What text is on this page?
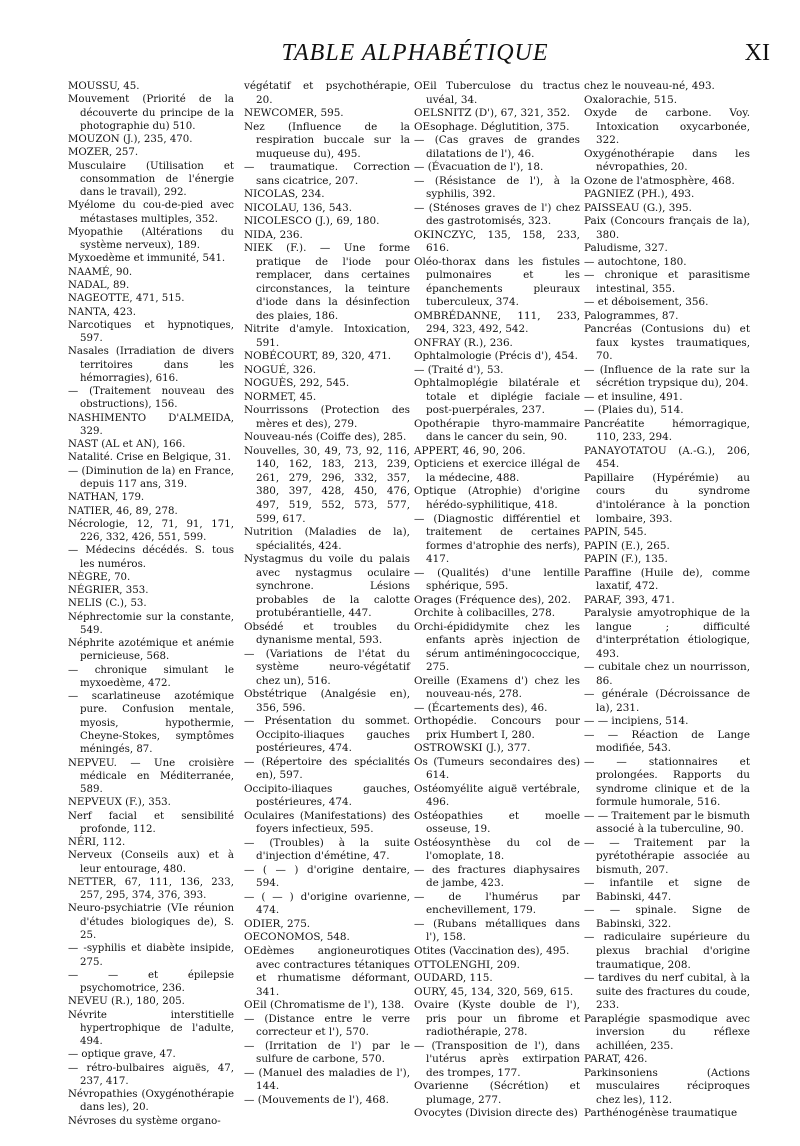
TABLE ALPHABÉTIQUE	XI
MOUSSU, 45.
Mouvement (Priorité de la découverte du principe de la photographie du) 510.
MOUZON (J.), 235, 470.
MOZER, 257.
Musculaire (Utilisation et consommation de l'énergie dans le travail), 292.
Myélome du cou-de-pied avec métastases multiples, 352.
Myopathie (Altérations du système nerveux), 189.
Myxoedème et immunité, 541.
NAAMÉ, 90.
NADAL, 89.
NAGEOTTE, 471, 515.
NANTA, 423.
Narcotiques et hypnotiques, 597.
Nasales (Irradiation de divers territoires dans les hémorragies), 616.
— (Traitement nouveau des obstructions), 156.
NASHIMENTO D'ALMEIDA, 329.
NAST (AL et AN), 166.
Natalité. Crise en Belgique, 31.
— (Diminution de la) en France, depuis 117 ans, 319.
NATHAN, 179.
NATIER, 46, 89, 278.
Nécrologie, 12, 71, 91, 171, 226, 332, 426, 551, 599.
— Médecins décédés. S. tous les numéros.
NÈGRE, 70.
NÉGRIER, 353.
NELIS (C.), 53.
Néphrectomie sur la constante, 549.
Néphrite azotémique et anémie pernicieuse, 568.
— chronique simulant le myxoedème, 472.
— scarlatineuse azotémique pure. Confusion mentale, myosis, hypothermie, Cheyne-Stokes, symptômes méningés, 87.
NEPVEU. — Une croisière médicale en Méditerranée, 589.
NEPVEUX (F.), 353.
Nerf facial et sensibilité profonde, 112.
NÉRI, 112.
Nerveux (Conseils aux) et à leur entourage, 480.
NETTER, 67, 111, 136, 233, 257, 295, 374, 376, 393.
Neuro-psychiatrie (VIe réunion d'études biologiques de), S. 25.
— -syphilis et diabète insipide, 275.
— — et épilepsie psychomotrice, 236.
NEVEU (R.), 180, 205.
Névrite interstitielle hypertrophique de l'adulte, 494.
— optique grave, 47.
— rétro-bulbaires aiguës, 47, 237, 417.
Névropathies (Oxygénothérapie dans les), 20.
Névroses du système organo-
végétatif et psychothérapie, 20.
NEWCOMER, 595.
Nez (Influence de la respiration buccale sur la muqueuse du), 495.
— traumatique. Correction sans cicatrice, 207.
NICOLAS, 234.
NICOLAU, 136, 543.
NICOLESCO (J.), 69, 180.
NIDA, 236.
NIEK (F.). — Une forme pratique de l'iode pour remplacer, dans certaines circonstances, la teinture d'iode dans la désinfection des plaies, 186.
Nitrite d'amyle. Intoxication, 591.
NOBÉCOURT, 89, 320, 471.
NOGUÉ, 326.
NOGUÈS, 292, 545.
NORMET, 45.
Nourrissons (Protection des mères et des), 279.
Nouveau-nés (Coiffe des), 285.
Nouvelles, 30, 49, 73, 92, 116, 140, 162, 183, 213, 239, 261, 279, 296, 332, 357, 380, 397, 428, 450, 476, 497, 519, 552, 573, 577, 599, 617.
Nutrition (Maladies de la), spécialités, 424.
Nystagmus du voile du palais avec nystagmus oculaire synchrone. Lésions probables de la calotte protubérantielle, 447.
Obsédé et troubles du dynanisme mental, 593.
— (Variations de l'état du système neuro-végétatif chez un), 516.
Obstétrique (Analgésie en), 356, 596.
— Présentation du sommet. Occipito-iliaques gauches postérieures, 474.
— (Répertoire des spécialités en), 597.
Occipito-iliaques gauches, postérieures, 474.
Oculaires (Manifestations) des foyers infectieux, 595.
— (Troubles) à la suite d'injection d'émétine, 47.
— ( — ) d'origine dentaire, 594.
— ( — ) d'origine ovarienne, 474.
ODIER, 275.
OECONOMOS, 548.
OEdèmes angioneurotiques avec contractures tétaniques et rhumatisme déformant, 341.
OEil (Chromatisme de l'), 138.
— (Distance entre le verre correcteur et l'), 570.
— (Irritation de l') par le sulfure de carbone, 570.
— (Manuel des maladies de l'), 144.
— (Mouvements de l'), 468.
OEil Tuberculose du tractus uvéal, 34.
OELSNITZ (D'), 67, 321, 352.
OEsophage. Déglutition, 375.
— (Cas graves de grandes dilatations de l'), 46.
— (Évacuation de l'), 18.
— (Résistance de l'), à la syphilis, 392.
— (Sténoses graves de l') chez des gastrotomisés, 323.
OKINCZYC, 135, 158, 233, 616.
Oléo-thorax dans les fistules pulmonaires et les épanchements pleuraux tuberculeux, 374.
OMBRÉDANNE, 111, 233, 294, 323, 492, 542.
ONFRAY (R.), 236.
Ophtalmologie (Précis d'), 454.
— (Traité d'), 53.
Ophtalmoplégie bilatérale et totale et diplégie faciale post-puerpérales, 237.
Opothérapie thyro-mammaire dans le cancer du sein, 90.
APPERT, 46, 90, 206.
Opticiens et exercice illégal de la médecine, 488.
Optique (Atrophie) d'origine hérédo-syphilitique, 418.
— (Diagnostic différentiel et traitement de certaines formes d'atrophie des nerfs), 417.
— (Qualités) d'une lentille sphérique, 595.
Orages (Fréquence des), 202.
Orchite à colibacilles, 278.
Orchi-épididymite chez les enfants après injection de sérum antiméningococcique, 275.
Oreille (Examens d') chez les nouveau-nés, 278.
— (Écartements des), 46.
Orthopédie. Concours pour prix Humbert I, 280.
OSTROWSKI (J.), 377.
Os (Tumeurs secondaires des) 614.
Ostéomyélite aiguë vertébrale, 496.
Ostéopathies et moelle osseuse, 19.
Ostéosynthèse du col de l'omoplate, 18.
— des fractures diaphysaires de jambe, 423.
— de l'humérus par enchevillement, 179.
— (Rubans métalliques dans l'), 158.
Otites (Vaccination des), 495.
OTTOLENGHI, 209.
OUDARD, 115.
OURY, 45, 134, 320, 569, 615.
Ovaire (Kyste double de l'), pris pour un fibrome et radiothérapie, 278.
— (Transposition de l'), dans l'utérus après extirpation des trompes, 177.
Ovarienne (Sécrétion) et plumage, 277.
Ovocytes (Division directe des)
chez le nouveau-né, 493.
Oxalorachie, 515.
Oxyde de carbone. Voy. Intoxication oxycarbonée, 322.
Oxygénothérapie dans les névropathies, 20.
Ozone de l'atmosphère, 468.
PAGNIEZ (PH.), 493.
PAISSEAU (G.), 395.
Paix (Concours français de la), 380.
Paludisme, 327.
— autochtone, 180.
— chronique et parasitisme intestinal, 355.
— et déboisement, 356.
Palogrammes, 87.
Pancréas (Contusions du) et faux kystes traumatiques, 70.
— (Influence de la rate sur la sécrétion trypsique du), 204.
— et insuline, 491.
— (Plaies du), 514.
Pancréatite hémorragique, 110, 233, 294.
PANAYOTATOU (A.-G.), 206, 454.
Papillaire (Hypérémie) au cours du syndrome d'intolérance à la ponction lombaire, 393.
PAPIN, 545.
PAPIN (E.), 265.
PAPIN (F.), 135.
Paraffine (Huile de), comme laxatif, 472.
PARAF, 393, 471.
Paralysie amyotrophique de la langue ; difficulté d'interprétation étiologique, 493.
— cubitale chez un nourrisson, 86.
— générale (Décroissance de la), 231.
— — incipiens, 514.
— — Réaction de Lange modifiée, 543.
— — stationnaires et prolongées. Rapports du syndrome clinique et de la formule humorale, 516.
— — Traitement par le bismuth associé à la tuberculine, 90.
— — Traitement par la pyrétothérapie associée au bismuth, 207.
— infantile et signe de Babinski, 447.
— — spinale. Signe de Babinski, 322.
— radiculaire supérieure du plexus brachial d'origine traumatique, 208.
— tardives du nerf cubital, à la suite des fractures du coude, 233.
Paraplégie spasmodique avec inversion du réflexe achilléen, 235.
PARAT, 426.
Parkinsoniens (Actions musculaires réciproques chez les), 112.
Parthénogénèse traumatique
